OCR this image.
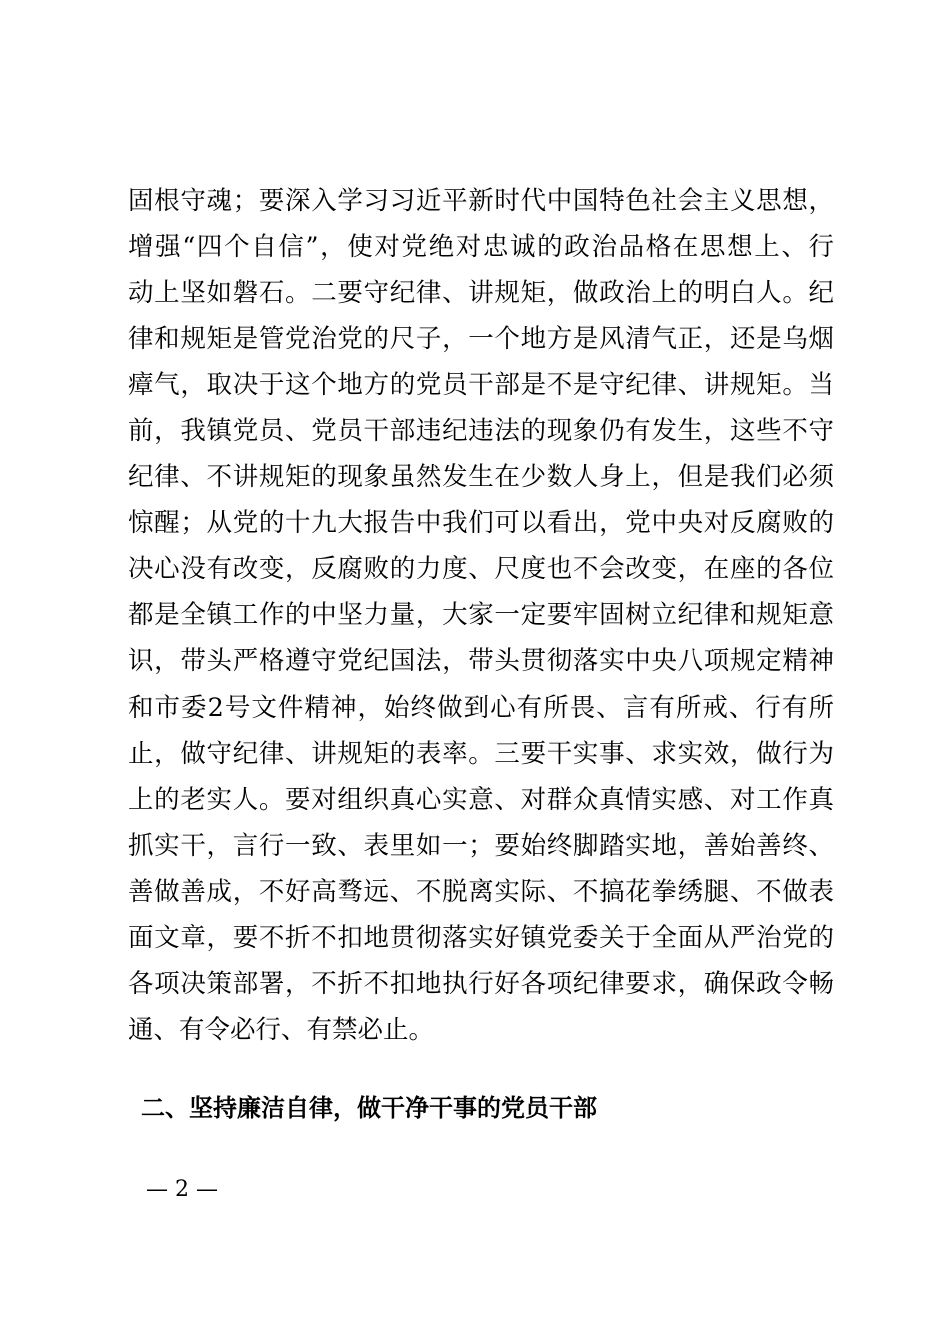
固根守魂；要深入学习习近平新时代中国特色社会主义思想，
增强“四个自信”，使对党绝对忠诚的政治品格在思想上、行
动上坚如磐石。二要守纪律、讲规矩，做政治上的明白人。纪
律和规矩是管党治党的尺子，一个地方是风清气正，还是乌烟
瘴气，取决于这个地方的党员干部是不是守纪律、讲规矩。当
前，我镇党员、党员干部违纪违法的现象仍有发生，这些不守
纪律、不讲规矩的现象虽然发生在少数人身上，但是我们必须
惊醒；从党的十九大报告中我们可以看出，党中央对反腐败的
决心没有改变，反腐败的力度、尺度也不会改变，在座的各位
都是全镇工作的中坚力量，大家一定要牢固树立纪律和规矩意
识，带头严格遵守党纪国法，带头贯彻落实中央八项规定精神
和市委2号文件精神，始终做到心有所畏、言有所戒、行有所
止，做守纪律、讲规矩的表率。三要干实事、求实效，做行为
上的老实人。要对组织真心实意、对群众真情实感、对工作真
抓实干，言行一致、表里如一；要始终脚踏实地，善始善终、
善做善成，不好高骛远、不脱离实际、不搞花拳绣腿、不做表
面文章，要不折不扣地贯彻落实好镇党委关于全面从严治党的
各项决策部署，不折不扣地执行好各项纪律要求，确保政令畅
通、有令必行、有禁必止。
二、坚持廉洁自律，做干净干事的党员干部
— 2 —
